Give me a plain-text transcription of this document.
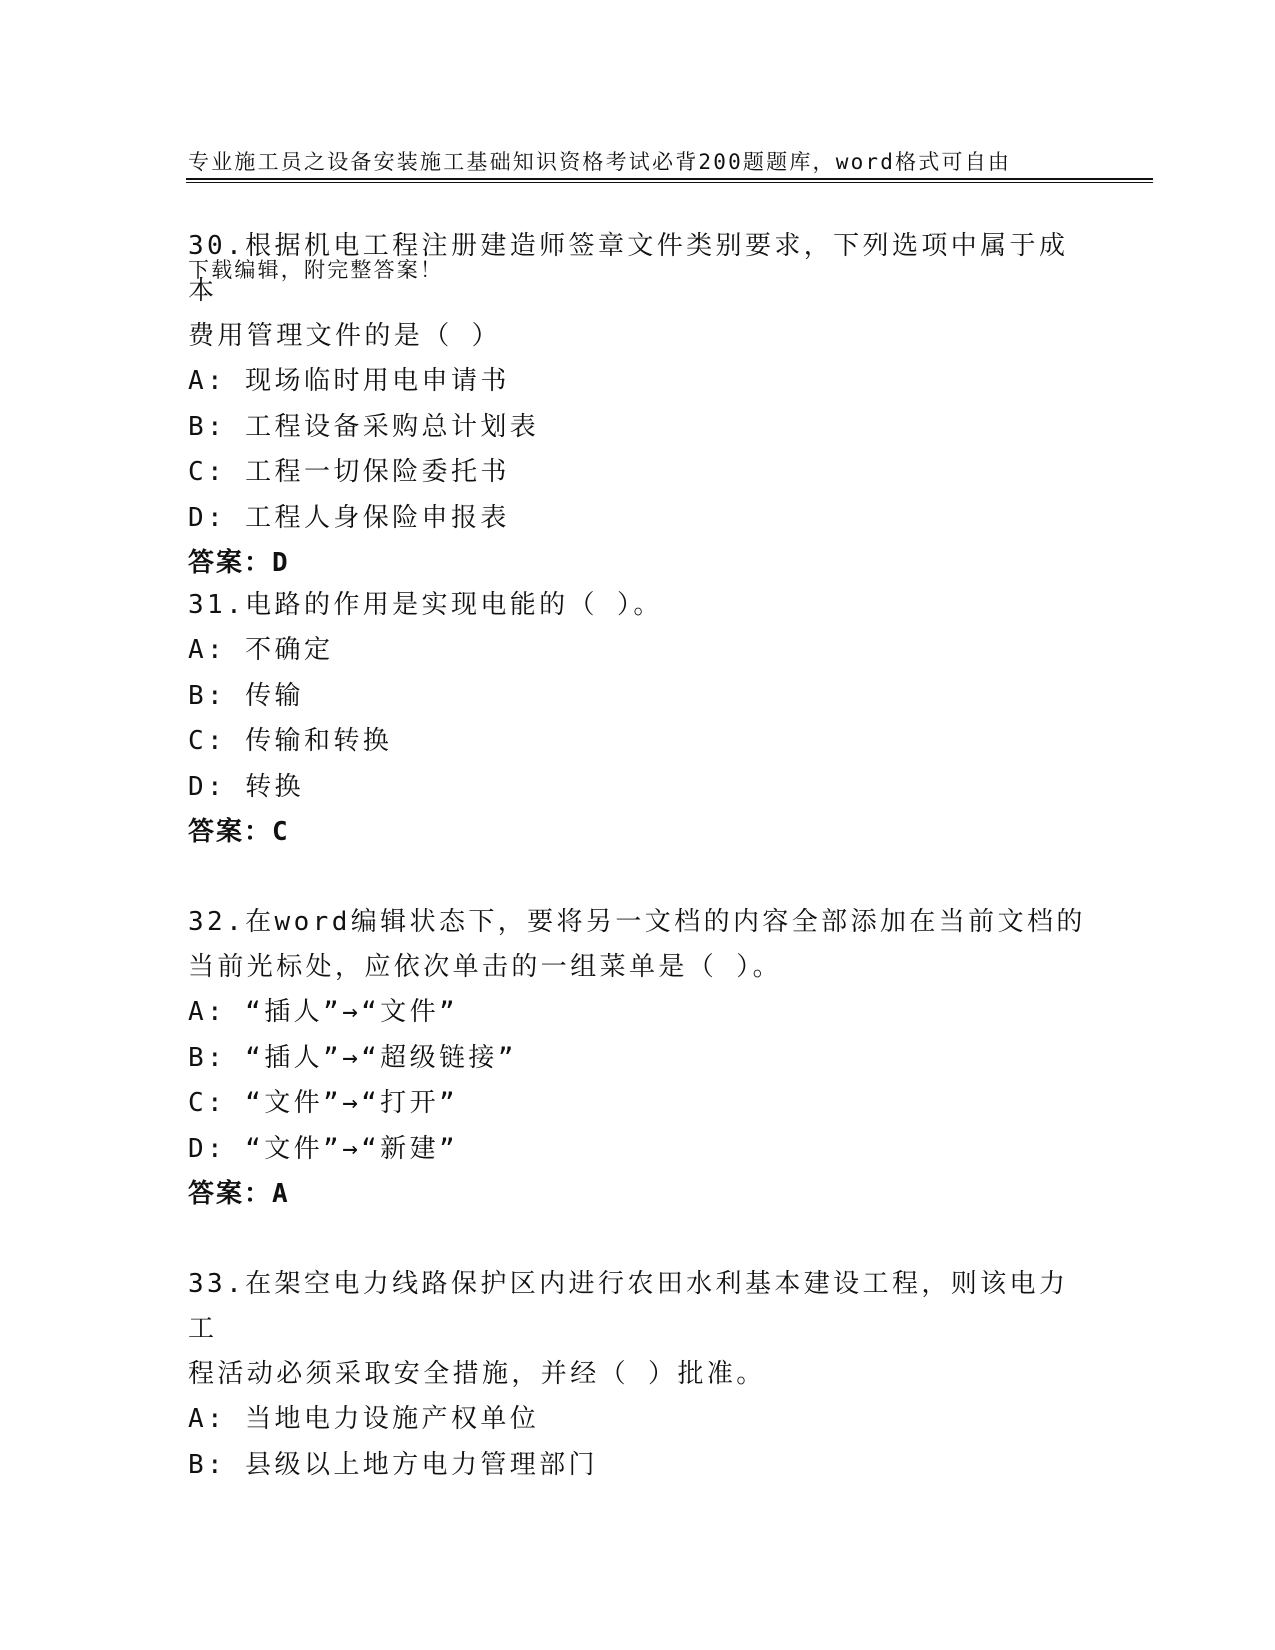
专业施工员之设备安装施工基础知识资格考试必背200题题库，word格式可自由

下载编辑，附完整答案！

30.根据机电工程注册建造师签章文件类别要求，下列选项中属于成本
费用管理文件的是（ ）
A: 现场临时用电申请书
B: 工程设备采购总计划表
C: 工程一切保险委托书
D: 工程人身保险申报表
答案：D
31.电路的作用是实现电能的（ ）。
A: 不确定
B: 传输
C: 传输和转换
D: 转换
答案：C
32.在word编辑状态下，要将另一文档的内容全部添加在当前文档的
当前光标处，应依次单击的一组菜单是（ ）。
A: “插人”→“文件”
B: “插人”→“超级链接”
C: “文件”→“打开”
D: “文件”→“新建”
答案：A
33.在架空电力线路保护区内进行农田水利基本建设工程，则该电力工
程活动必须采取安全措施，并经（ ）批准。
A: 当地电力设施产权单位
B: 县级以上地方电力管理部门
